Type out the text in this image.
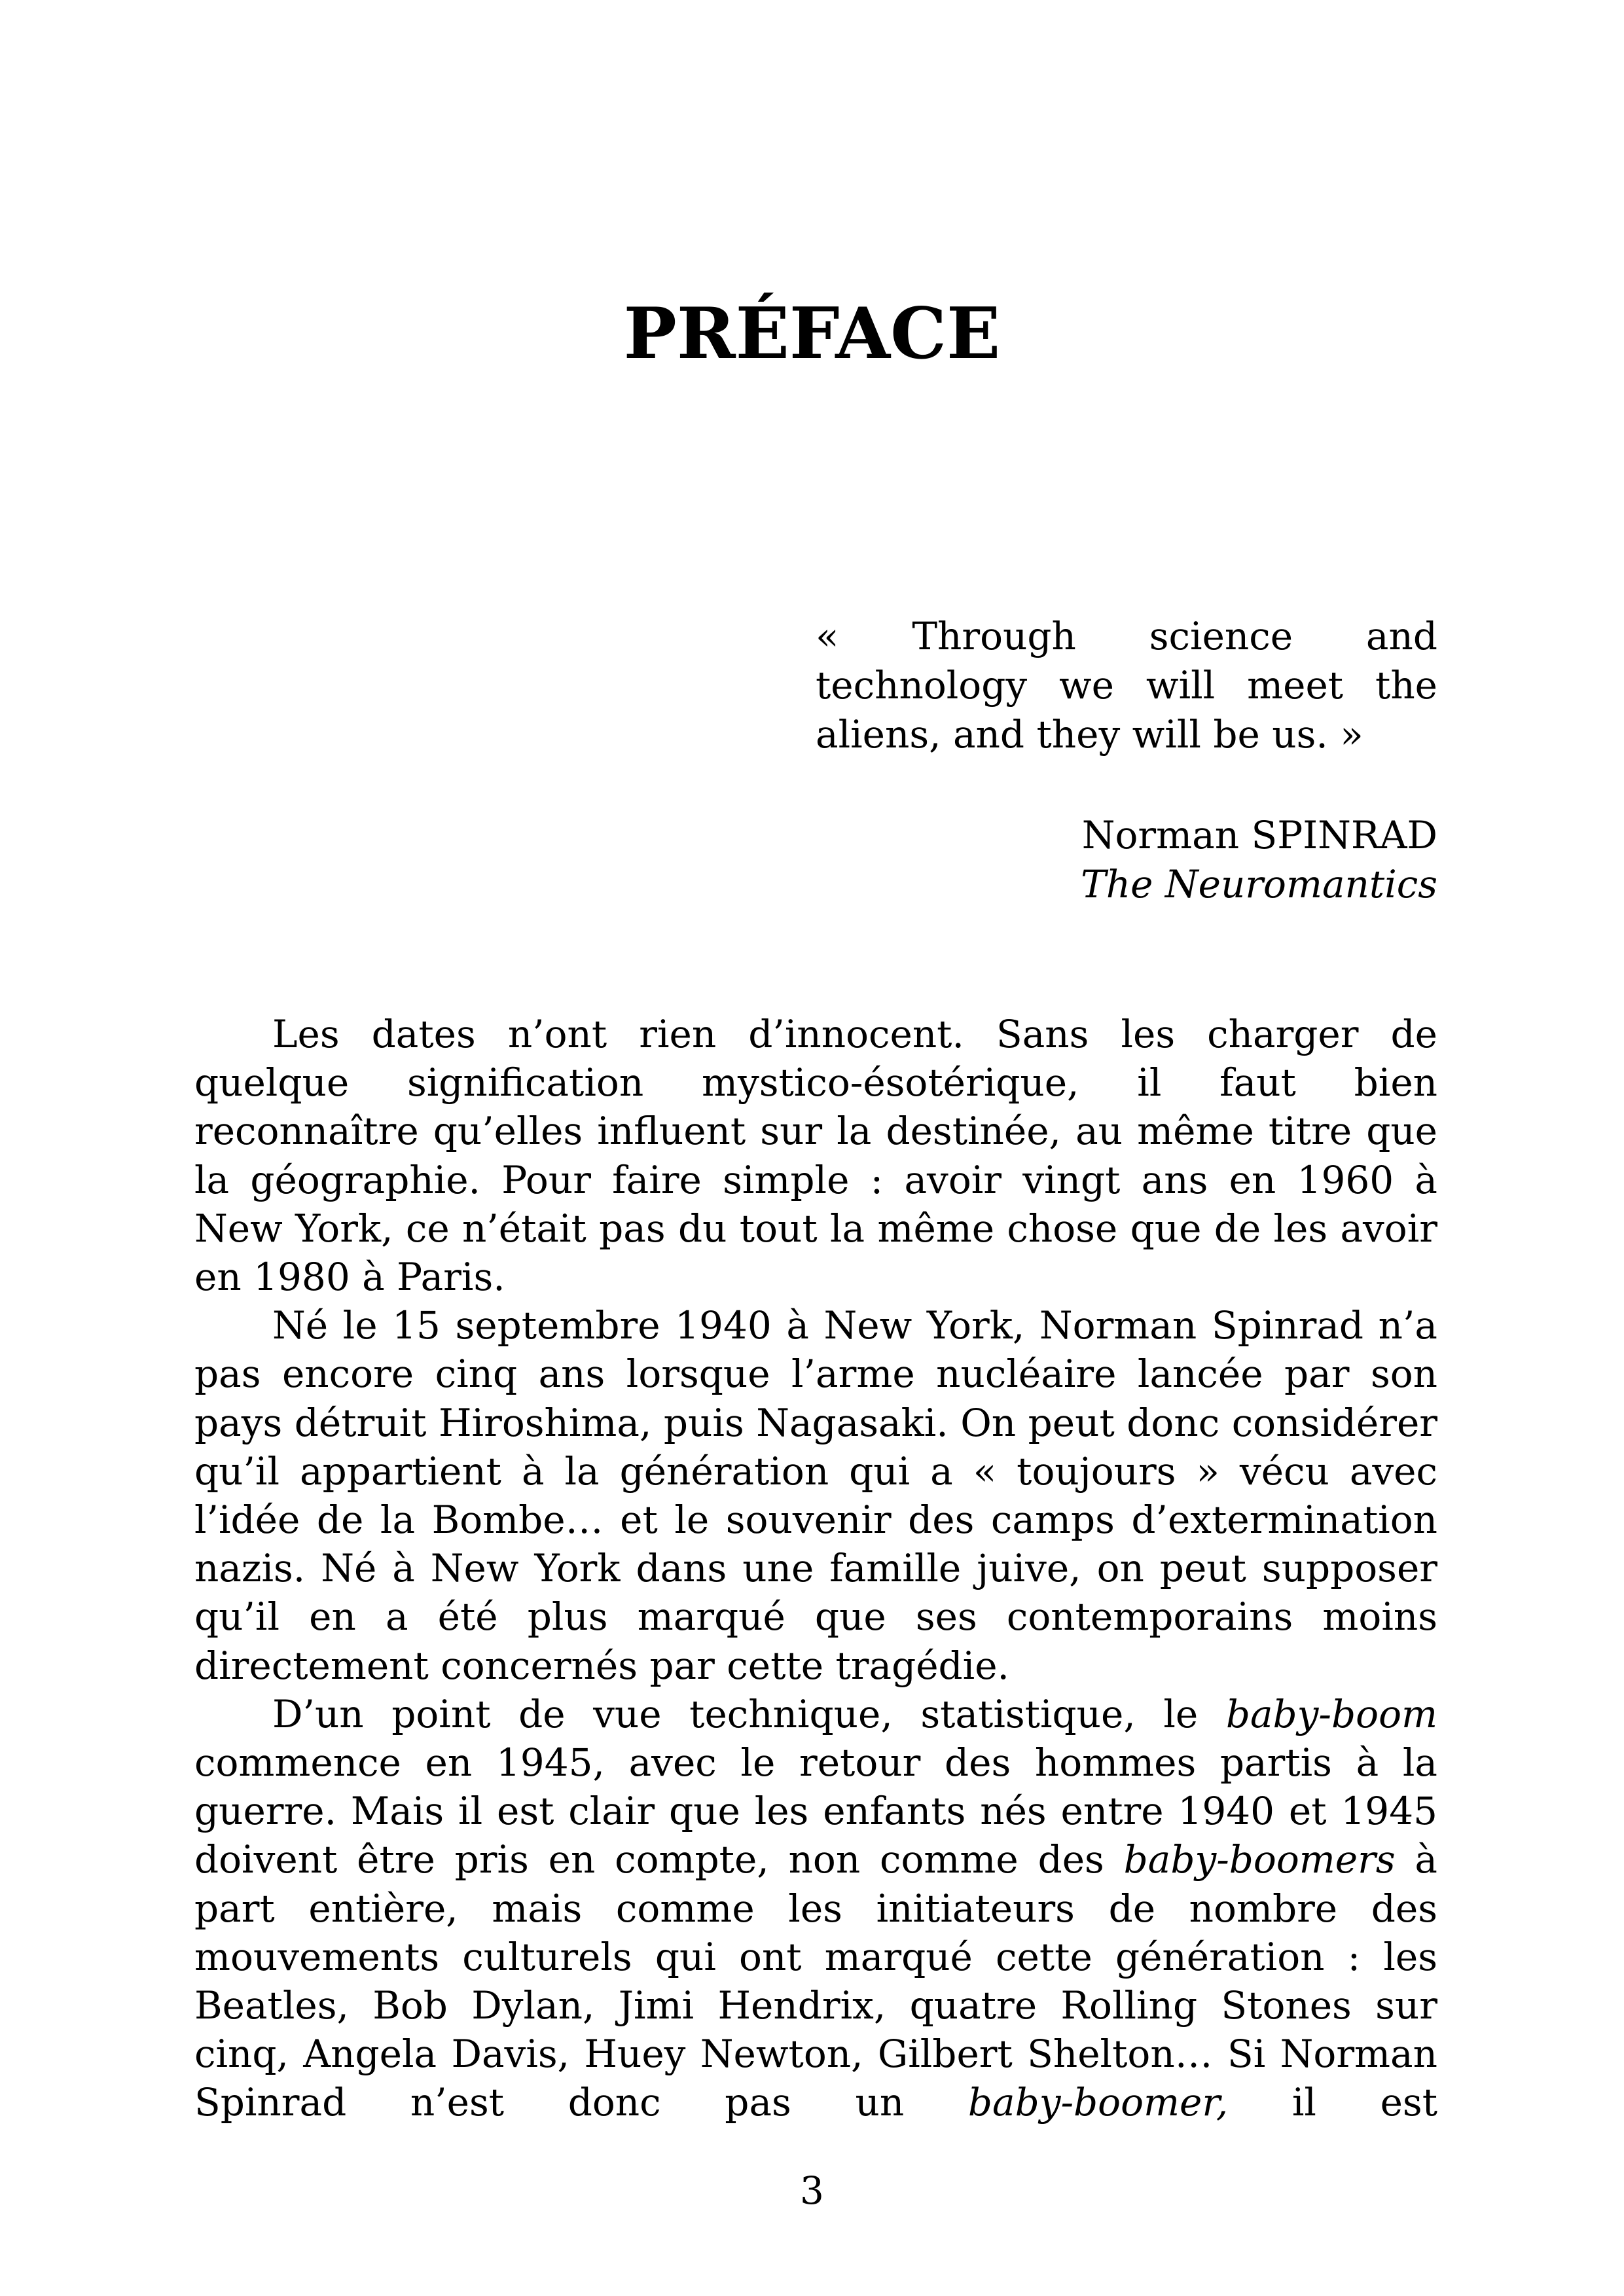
PRÉFACE

« Through science and technology we will meet the aliens, and they will be us. »

Norman SPINRAD
The Neuromantics

Les dates n’ont rien d’innocent. Sans les charger de quelque signification mystico-ésotérique, il faut bien reconnaître qu’elles influent sur la destinée, au même titre que la géographie. Pour faire simple : avoir vingt ans en 1960 à New York, ce n’était pas du tout la même chose que de les avoir en 1980 à Paris.

Né le 15 septembre 1940 à New York, Norman Spinrad n’a pas encore cinq ans lorsque l’arme nucléaire lancée par son pays détruit Hiroshima, puis Nagasaki. On peut donc considérer qu’il appartient à la génération qui a « toujours » vécu avec l’idée de la Bombe… et le souvenir des camps d’extermination nazis. Né à New York dans une famille juive, on peut supposer qu’il en a été plus marqué que ses contemporains moins directement concernés par cette tragédie.

D’un point de vue technique, statistique, le baby-boom commence en 1945, avec le retour des hommes partis à la guerre. Mais il est clair que les enfants nés entre 1940 et 1945 doivent être pris en compte, non comme des baby-boomers à part entière, mais comme les initiateurs de nombre des mouvements culturels qui ont marqué cette génération : les Beatles, Bob Dylan, Jimi Hendrix, quatre Rolling Stones sur cinq, Angela Davis, Huey Newton, Gilbert Shelton… Si Norman Spinrad n’est donc pas un baby-boomer, il est

3
